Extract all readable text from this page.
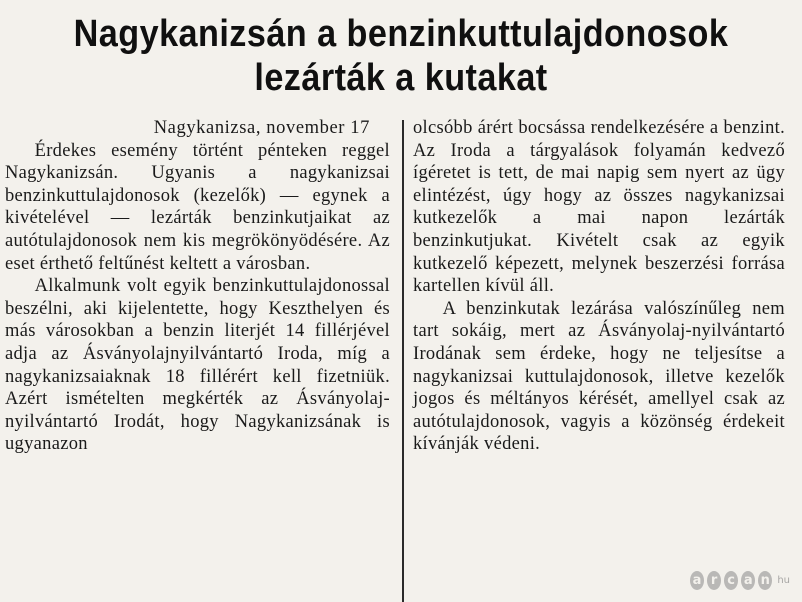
Nagykanizsán a benzinkuttulajdonosok
lezárták a kutakat
Nagykanizsa, november 17

Érdekes esemény történt pénteken reggel Nagykanizsán. Ugyanis a nagykanizsai benzinkuttulajdonosok (kezelők) — egynek a kivételével — lezárták benzinkutjaikat az autótulajdonosok nem kis megrökönyödésére. Az eset érthető feltűnést keltett a városban.

Alkalmunk volt egyik benzinkuttulajdonossal beszélni, aki kijelentette, hogy Keszthelyen és más városokban a benzin literjét 14 fillérjével adja az Ásványolajnyilvántartó Iroda, míg a nagykanizsaiaknak 18 fillérért kell fizetniük. Azért ismételten megkérték az Ásványolaj-nyilvántartó Irodát, hogy Nagykanizsának is ugyanazon

olcsóbb árért bocsássa rendelkezésére a benzint. Az Iroda a tárgyalások folyamán kedvező ígéretet is tett, de mai napig sem nyert az ügy elintézést, úgy hogy az összes nagykanizsai kutkezelők a mai napon lezárták benzinkutjukat. Kivételt csak az egyik kutkezelő képezett, melynek beszerzési forrása kartellen kívül áll.

A benzinkutak lezárása valószínűleg nem tart sokáig, mert az Ásványolaj-nyilvántartó Irodának sem érdeke, hogy ne teljesítse a nagykanizsai kuttulajdonosok, illetve kezelők jogos és méltányos kérését, amellyel csak az autótulajdonosok, vagyis a közönség érdekeit kívánják védeni.

a r c a n hu
